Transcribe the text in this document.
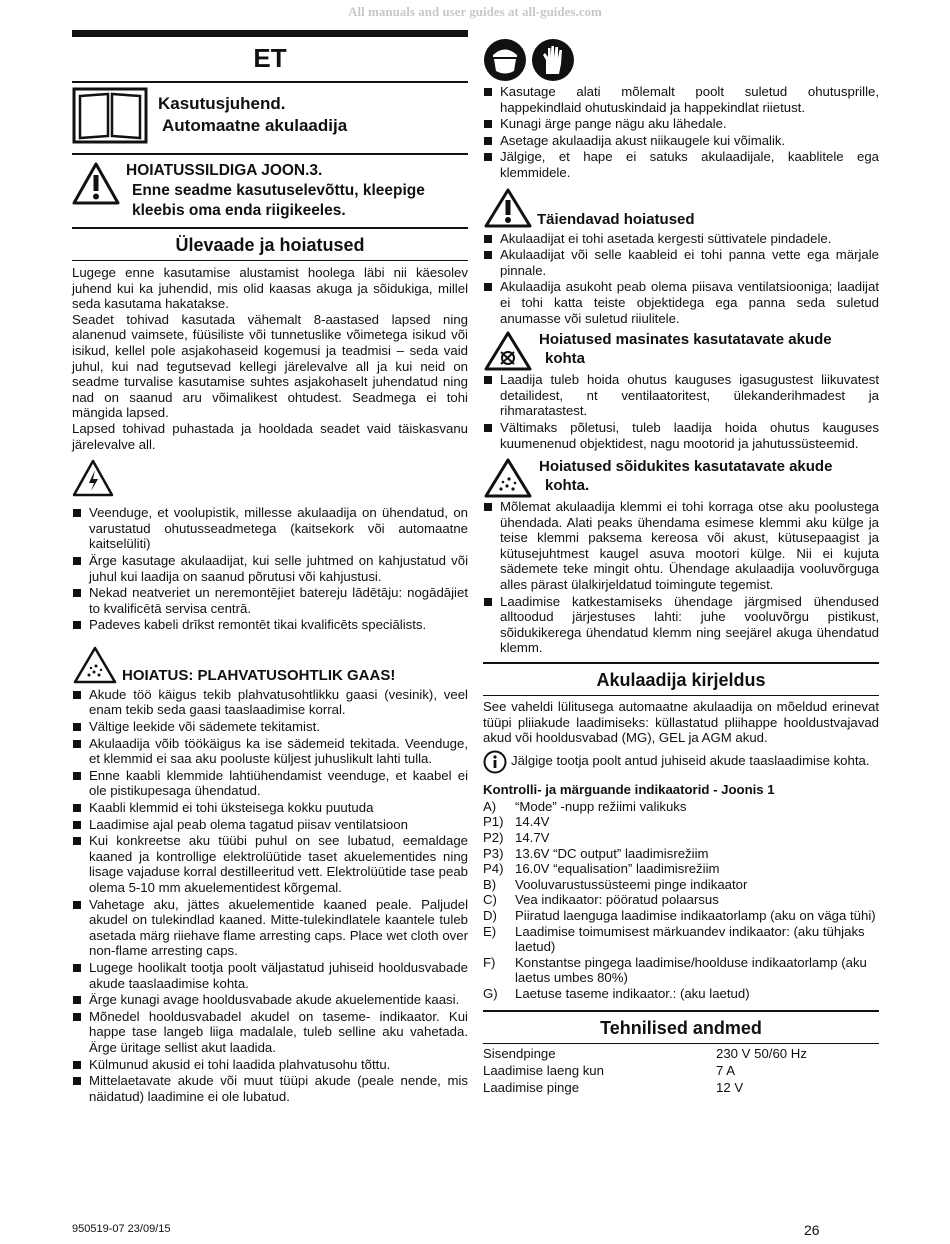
All manuals and user guides at all-guides.com
ET
Kasutusjuhend.
Automaatne akulaadija
HOIATUSSILDIGA JOON.3.
Enne seadme kasutuselevõttu, kleepige
kleebis oma enda riigikeeles.
Ülevaade ja hoiatused

Lugege enne kasutamise alustamist hoolega läbi nii käesolev juhend kui ka juhendid, mis olid kaasas akuga ja sõidukiga, millel seda kasutama hakatakse.

Seadet tohivad kasutada vähemalt 8-aastased lapsed ning alanenud vaimsete, füüsiliste või tunnetuslike võimetega isikud või isikud, kellel pole asjakohaseid kogemusi ja teadmisi – seda vaid juhul, kui nad tegutsevad kellegi järelevalve all ja kui neid on seadme turvalise kasutamise suhtes asjakohaselt juhendatud ning nad on saanud aru võimalikest ohtudest. Seadmega ei tohi mängida lapsed.

Lapsed tohivad puhastada ja hooldada seadet vaid täiskasvanu järelevalve all.

Veenduge, et voolupistik, millesse akulaadija on ühendatud, on varustatud ohutusseadmetega (kaitsekork või automaatne kaitselüliti)
Ärge kasutage akulaadijat, kui selle juhtmed on kahjustatud või juhul kui laadija on saanud põrutusi või kahjustusi.
Nekad neatveriet un neremontējiet batereju lādētāju: nogādājiet to kvalificētā servisa centrā.
Padeves kabeli drīkst remontēt tikai kvalificēts speciālists.
HOIATUS: PLAHVATUSOHTLIK GAAS!
Akude töö käigus tekib plahvatusohtlikku gaasi (vesinik), veel enam tekib seda gaasi taaslaadimise korral.
Vältige leekide või sädemete tekitamist.
Akulaadija võib töökäigus ka ise sädemeid tekitada. Veenduge, et klemmid ei saa aku pooluste küljest juhuslikult lahti tulla.
Enne kaabli klemmide lahtiühendamist veenduge, et kaabel ei ole pistikupesaga ühendatud.
Kaabli klemmid ei tohi üksteisega kokku puutuda
Laadimise ajal peab olema tagatud piisav ventilatsioon
Kui konkreetse aku tüübi puhul on see lubatud, eemaldage kaaned ja kontrollige elektrolüütide taset akuelementides ning lisage vajaduse korral destilleeritud vett. Elektrolüütide tase peab olema 5-10 mm akuelementidest kõrgemal.
Vahetage aku, jättes akuelementide kaaned peale. Paljudel akudel on tulekindlad kaaned. Mitte-tulekindlatele kaantele tuleb asetada märg riiehave flame arresting caps. Place wet cloth over non-flame arresting caps.
Lugege hoolikalt tootja poolt väljastatud juhiseid hooldusvabade akude taaslaadimise kohta.
Ärge kunagi avage hooldusvabade akude akuelementide kaasi.
Mõnedel hooldusvabadel akudel on taseme- indikaator. Kui happe tase langeb liiga madalale, tuleb selline aku vahetada. Ärge üritage sellist akut laadida.
Külmunud akusid ei tohi laadida plahvatusohu tõttu.
Mittelaetavate akude või muut tüüpi akude (peale nende, mis näidatud) laadimine ei ole lubatud.
Kasutage alati mõlemalt poolt suletud ohutusprille, happekindlaid ohutuskindaid ja happekindlat riietust.
Kunagi ärge pange nägu aku lähedale.
Asetage akulaadija akust niikaugele kui võimalik.
Jälgige, et hape ei satuks akulaadijale, kaablitele ega klemmidele.
Täiendavad hoiatused
Akulaadijat ei tohi asetada kergesti süttivatele pindadele.
Akulaadijat või selle kaableid ei tohi panna vette ega märjale pinnale.
Akulaadija asukoht peab olema piisava ventilatsiooniga; laadijat ei tohi katta teiste objektidega ega panna seda suletud anumasse või suletud riiulitele.
Hoiatused masinates kasutatavate akude
kohta
Laadija tuleb hoida ohutus kauguses igasugustest liikuvatest detailidest, nt ventilaatoritest, ülekanderihmadest ja rihmaratastest.
Vältimaks põletusi, tuleb laadija hoida ohutus kauguses kuumenenud objektidest, nagu mootorid ja jahutussüsteemid.
Hoiatused sõidukites kasutatavate akude
kohta.
Mõlemat akulaadija klemmi ei tohi korraga otse aku poolustega ühendada. Alati peaks ühendama esimese klemmi aku külge ja teise klemmi paksema kereosa või akust, kütusepaagist ja kütusejuhtmest kaugel asuva mootori külge. Nii ei kujuta sädemete teke mingit ohtu. Ühendage akulaadija vooluvõrguga alles pärast ülalkirjeldatud toimingute tegemist.
Laadimise katkestamiseks ühendage järgmised ühendused alltoodud järjestuses lahti: juhe vooluvõrgu pistikust, sõidukikerega ühendatud klemm ning seejärel akuga ühendatud klemm.
Akulaadija kirjeldus

See vaheldi lülitusega automaatne akulaadija on mõeldud erinevat tüüpi pliiakude laadimiseks: küllastatud pliihappe hooldustvajavad akud või hooldusvabad (MG), GEL ja AGM akud.

Jälgige tootja poolt antud juhiseid akude taaslaadimise kohta.

Kontrolli- ja märguande indikaatorid - Joonis 1
A)	“Mode” -nupp režiimi valikuks
P1) 14.4V
P2) 14.7V
P3) 13.6V “DC output” laadimisrežiim
P4) 16.0V “equalisation” laadimisrežiim
B)	Vooluvarustussüsteemi pinge indikaator
C)	Vea indikaator: pööratud polaarsus
D)	Piiratud laenguga laadimise indikaatorlamp (aku on väga tühi)
E)	Laadimise toimumisest märkuandev indikaator: (aku tühjaks laetud)
F)	Konstantse pingega laadimise/hoolduse indikaatorlamp (aku laetus umbes 80%)
G)	Laetuse taseme indikaator.: (aku laetud)
Tehnilised andmed
Sisendpinge	230 V 50/60 Hz
Laadimise laeng kun	7 A
Laadimise pinge	12 V
950519-07 23/09/15	26
